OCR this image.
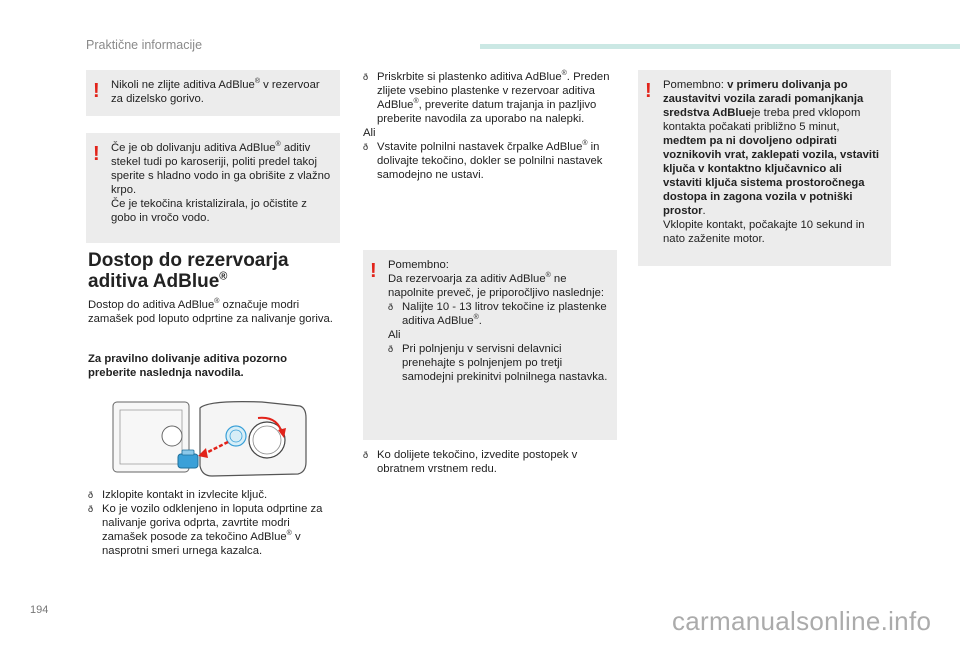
Praktične informacije
! Nikoli ne zlijte aditiva AdBlue® v rezervoar za dizelsko gorivo.

! Če je ob dolivanju aditiva AdBlue® aditiv stekel tudi po karoseriji, politi predel takoj sperite s hladno vodo in ga obrišite z vlažno krpo.

Če je tekočina kristalizirala, jo očistite z gobo in vročo vodo.

Dostop do rezervoarja
aditiva AdBlue®

Dostop do aditiva AdBlue® označuje modri zamašek pod loputo odprtine za nalivanje goriva.

Za pravilno dolivanje aditiva pozorno preberite naslednja navodila.

ð Izklopite kontakt in izvlecite ključ.

ð Ko je vozilo odklenjeno in loputa odprtine za nalivanje goriva odprta, zavrtite modri zamašek posode za tekočino AdBlue® v nasprotni smeri urnega kazalca.

ð Priskrbite si plastenko aditiva AdBlue®. Preden zlijete vsebino plastenke v rezervoar aditiva AdBlue®, preverite datum trajanja in pazljivo preberite navodila za uporabo na nalepki.

Ali

ð Vstavite polnilni nastavek črpalke AdBlue® in dolivajte tekočino, dokler se polnilni nastavek samodejno ne ustavi.

! Pomembno:

Da rezervoarja za aditiv AdBlue® ne napolnite preveč, je priporočljivo naslednje:

ð Nalijte 10 - 13 litrov tekočine iz plastenke aditiva AdBlue®.

Ali

ð Pri polnjenju v servisni delavnici prenehajte s polnjenjem po tretji samodejni prekinitvi polnilnega nastavka.

ð Ko dolijete tekočino, izvedite postopek v obratnem vrstnem redu.

! Pomembno: v primeru dolivanja po zaustavitvi vozila zaradi pomanjkanja sredstva AdBlueje treba pred vklopom kontakta počakati približno 5 minut, medtem pa ni dovoljeno odpirati voznikovih vrat, zaklepati vozila, vstaviti ključa v kontaktno ključavnico ali vstaviti ključa sistema prostoročnega dostopa in zagona vozila v potniški prostor.

Vklopite kontakt, počakajte 10 sekund in nato zaženite motor.

194	carmanualsonline.info
